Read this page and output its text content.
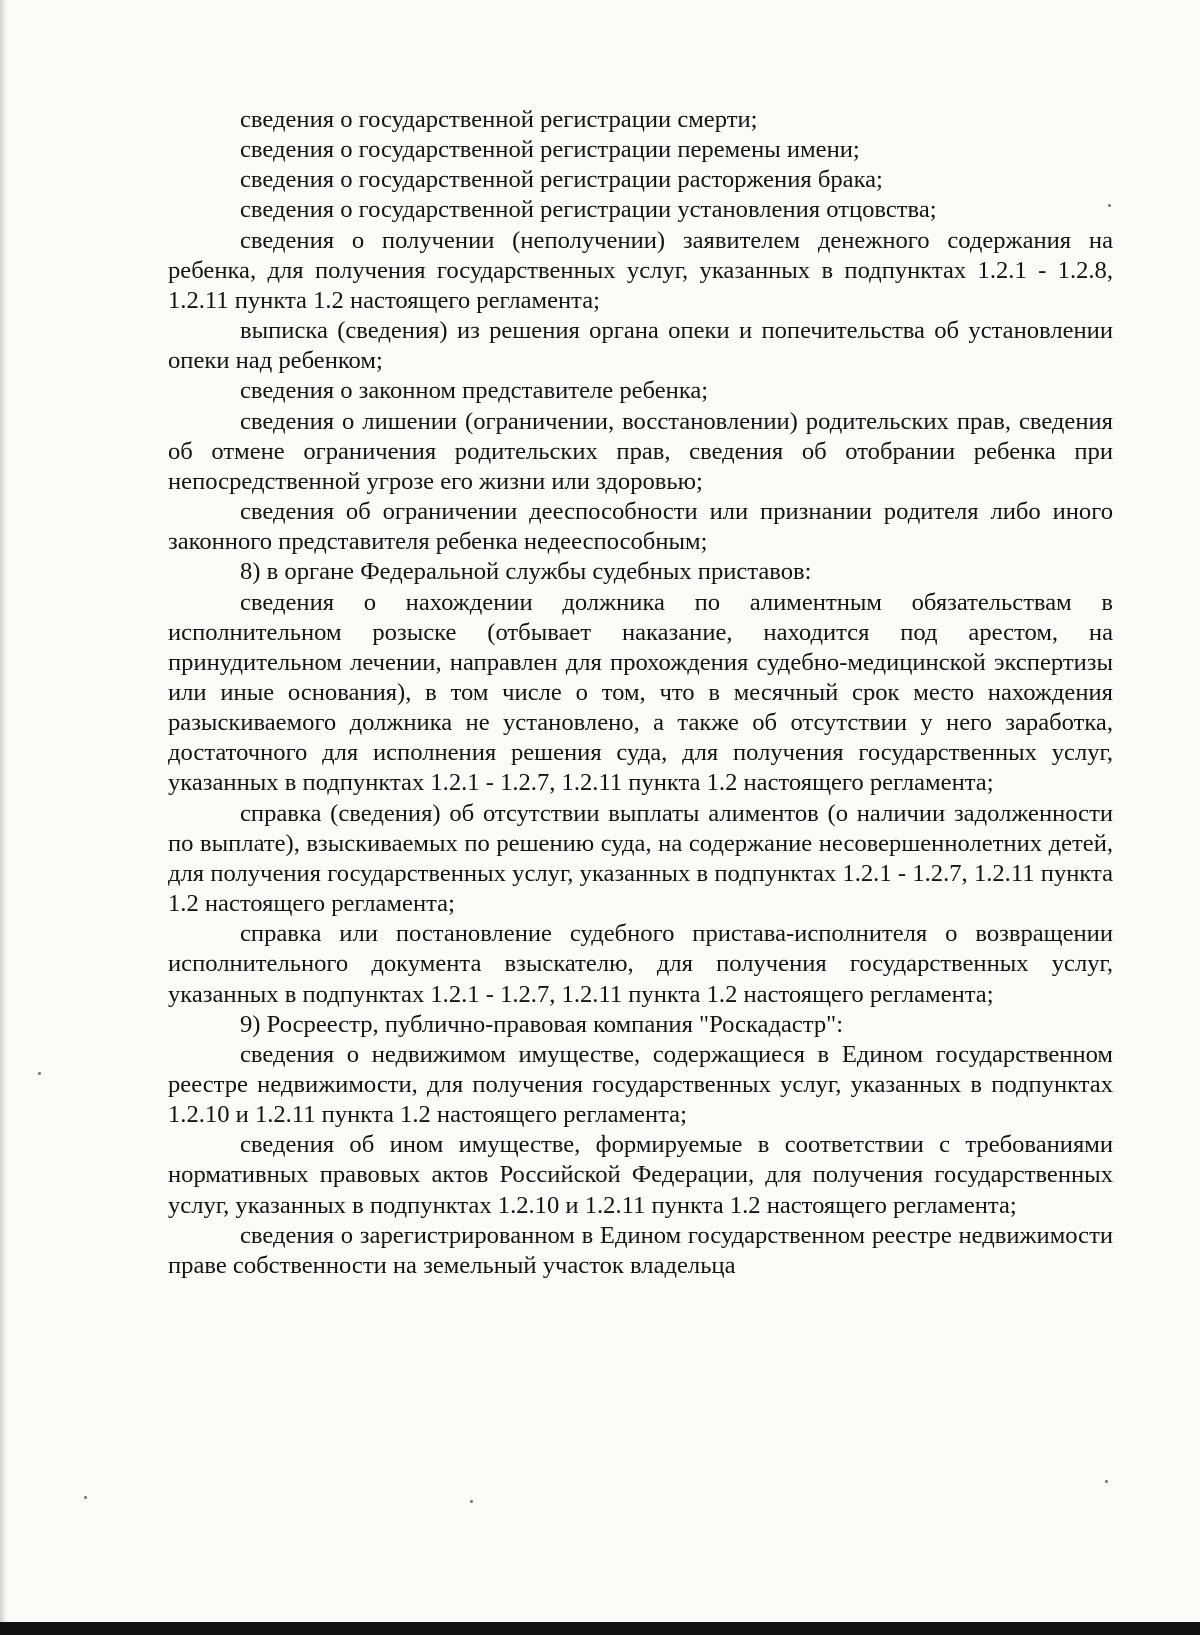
сведения о государственной регистрации смерти;

сведения о государственной регистрации перемены имени;

сведения о государственной регистрации расторжения брака;

сведения о государственной регистрации установления отцовства;

сведения о получении (неполучении) заявителем денежного содержания на ребенка, для получения государственных услуг, указанных в подпунктах 1.2.1 - 1.2.8, 1.2.11 пункта 1.2 настоящего регламента;

выписка (сведения) из решения органа опеки и попечительства об установлении опеки над ребенком;

сведения о законном представителе ребенка;

сведения о лишении (ограничении, восстановлении) родительских прав, сведения об отмене ограничения родительских прав, сведения об отобрании ребенка при непосредственной угрозе его жизни или здоровью;

сведения об ограничении дееспособности или признании родителя либо иного законного представителя ребенка недееспособным;

8) в органе Федеральной службы судебных приставов:

сведения о нахождении должника по алиментным обязательствам в исполнительном розыске (отбывает наказание, находится под арестом, на принудительном лечении, направлен для прохождения судебно-медицинской экспертизы или иные основания), в том числе о том, что в месячный срок место нахождения разыскиваемого должника не установлено, а также об отсутствии у него заработка, достаточного для исполнения решения суда, для получения государственных услуг, указанных в подпунктах 1.2.1 - 1.2.7, 1.2.11 пункта 1.2 настоящего регламента;

справка (сведения) об отсутствии выплаты алиментов (о наличии задолженности по выплате), взыскиваемых по решению суда, на содержание несовершеннолетних детей, для получения государственных услуг, указанных в подпунктах 1.2.1 - 1.2.7, 1.2.11 пункта 1.2 настоящего регламента;

справка или постановление судебного пристава-исполнителя о возвращении исполнительного документа взыскателю, для получения государственных услуг, указанных в подпунктах 1.2.1 - 1.2.7, 1.2.11 пункта 1.2 настоящего регламента;

9) Росреестр, публично-правовая компания "Роскадастр":

сведения о недвижимом имуществе, содержащиеся в Едином государственном реестре недвижимости, для получения государственных услуг, указанных в подпунктах 1.2.10 и 1.2.11 пункта 1.2 настоящего регламента;

сведения об ином имуществе, формируемые в соответствии с требованиями нормативных правовых актов Российской Федерации, для получения государственных услуг, указанных в подпунктах 1.2.10 и 1.2.11 пункта 1.2 настоящего регламента;

сведения о зарегистрированном в Едином государственном реестре недвижимости праве собственности на земельный участок владельца
